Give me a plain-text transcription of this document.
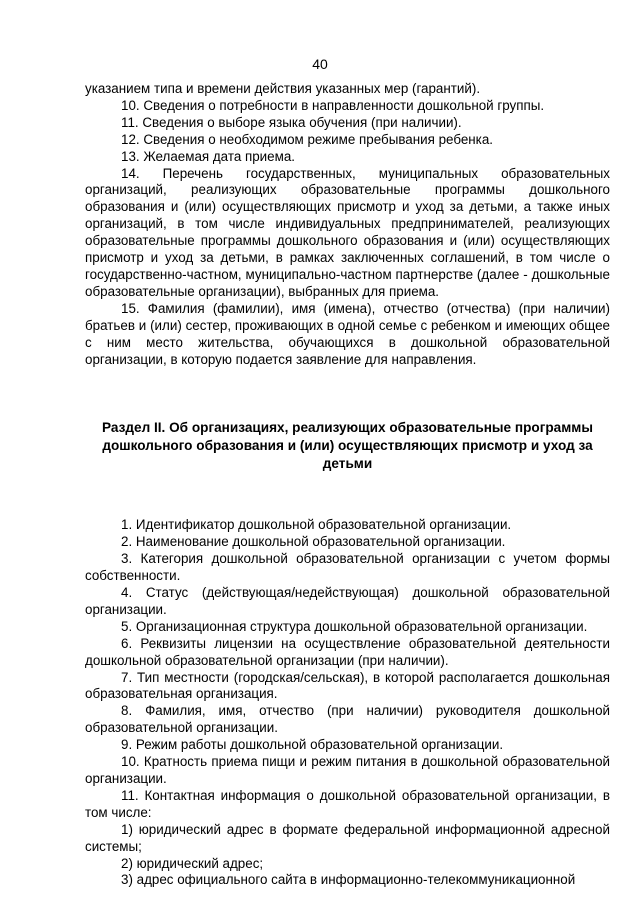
40

указанием типа и времени действия указанных мер (гарантий).

10. Сведения о потребности в направленности дошкольной группы.

11. Сведения о выборе языка обучения (при наличии).

12. Сведения о необходимом режиме пребывания ребенка.

13. Желаемая дата приема.

14. Перечень государственных, муниципальных образовательных организаций, реализующих образовательные программы дошкольного образования и (или) осуществляющих присмотр и уход за детьми, а также иных организаций, в том числе индивидуальных предпринимателей, реализующих образовательные программы дошкольного образования и (или) осуществляющих присмотр и уход за детьми, в рамках заключенных соглашений, в том числе о государственно-частном, муниципально-частном партнерстве (далее - дошкольные образовательные организации), выбранных для приема.

15. Фамилия (фамилии), имя (имена), отчество (отчества) (при наличии) братьев и (или) сестер, проживающих в одной семье с ребенком и имеющих общее с ним место жительства, обучающихся в дошкольной образовательной организации, в которую подается заявление для направления.

Раздел II. Об организациях, реализующих образовательные программы дошкольного образования и (или) осуществляющих присмотр и уход за детьми

1. Идентификатор дошкольной образовательной организации.

2. Наименование дошкольной образовательной организации.

3. Категория дошкольной образовательной организации с учетом формы собственности.

4. Статус (действующая/недействующая) дошкольной образовательной организации.

5. Организационная структура дошкольной образовательной организации.

6. Реквизиты лицензии на осуществление образовательной деятельности дошкольной образовательной организации (при наличии).

7. Тип местности (городская/сельская), в которой располагается дошкольная образовательная организация.

8. Фамилия, имя, отчество (при наличии) руководителя дошкольной образовательной организации.

9. Режим работы дошкольной образовательной организации.

10. Кратность приема пищи и режим питания в дошкольной образовательной организации.

11. Контактная информация о дошкольной образовательной организации, в том числе:

1) юридический адрес в формате федеральной информационной адресной системы;

2) юридический адрес;

3) адрес официального сайта в информационно-телекоммуникационной
